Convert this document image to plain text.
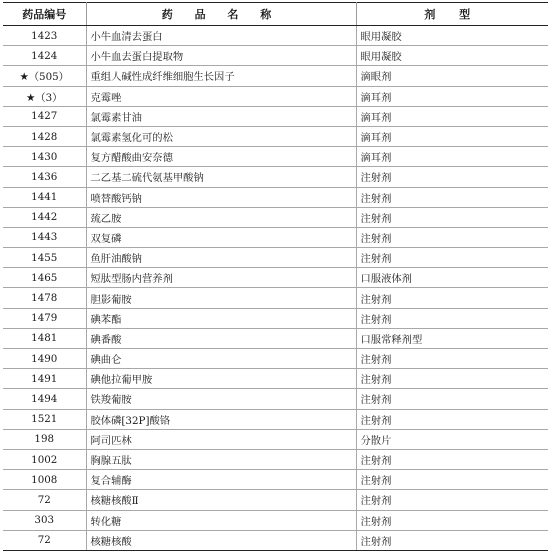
药品编号	药 品 名 称	剂 型
1423	小牛血清去蛋白	眼用凝胶
1424	小牛血去蛋白提取物	眼用凝胶
★（505）	重组人碱性成纤维细胞生长因子	滴眼剂
★（3）	克霉唑	滴耳剂
1427	氯霉素甘油	滴耳剂
1428	氯霉素氢化可的松	滴耳剂
1430	复方醋酸曲安奈德	滴耳剂
1436	二乙基二硫代氨基甲酸钠	注射剂
1441	喷替酸钙钠	注射剂
1442	巯乙胺	注射剂
1443	双复磷	注射剂
1455	鱼肝油酸钠	注射剂
1465	短肽型肠内营养剂	口服液体剂
1478	胆影葡胺	注射剂
1479	碘苯酯	注射剂
1481	碘番酸	口服常释剂型
1490	碘曲仑	注射剂
1491	碘他拉葡甲胺	注射剂
1494	铁羧葡胺	注射剂
1521	胶体磷[32P]酸铬	注射剂
198	阿司匹林	分散片
1002	胸腺五肽	注射剂
1008	复合辅酶	注射剂
72	核糖核酸Ⅱ	注射剂
303	转化糖	注射剂
72	核糖核酸	注射剂
